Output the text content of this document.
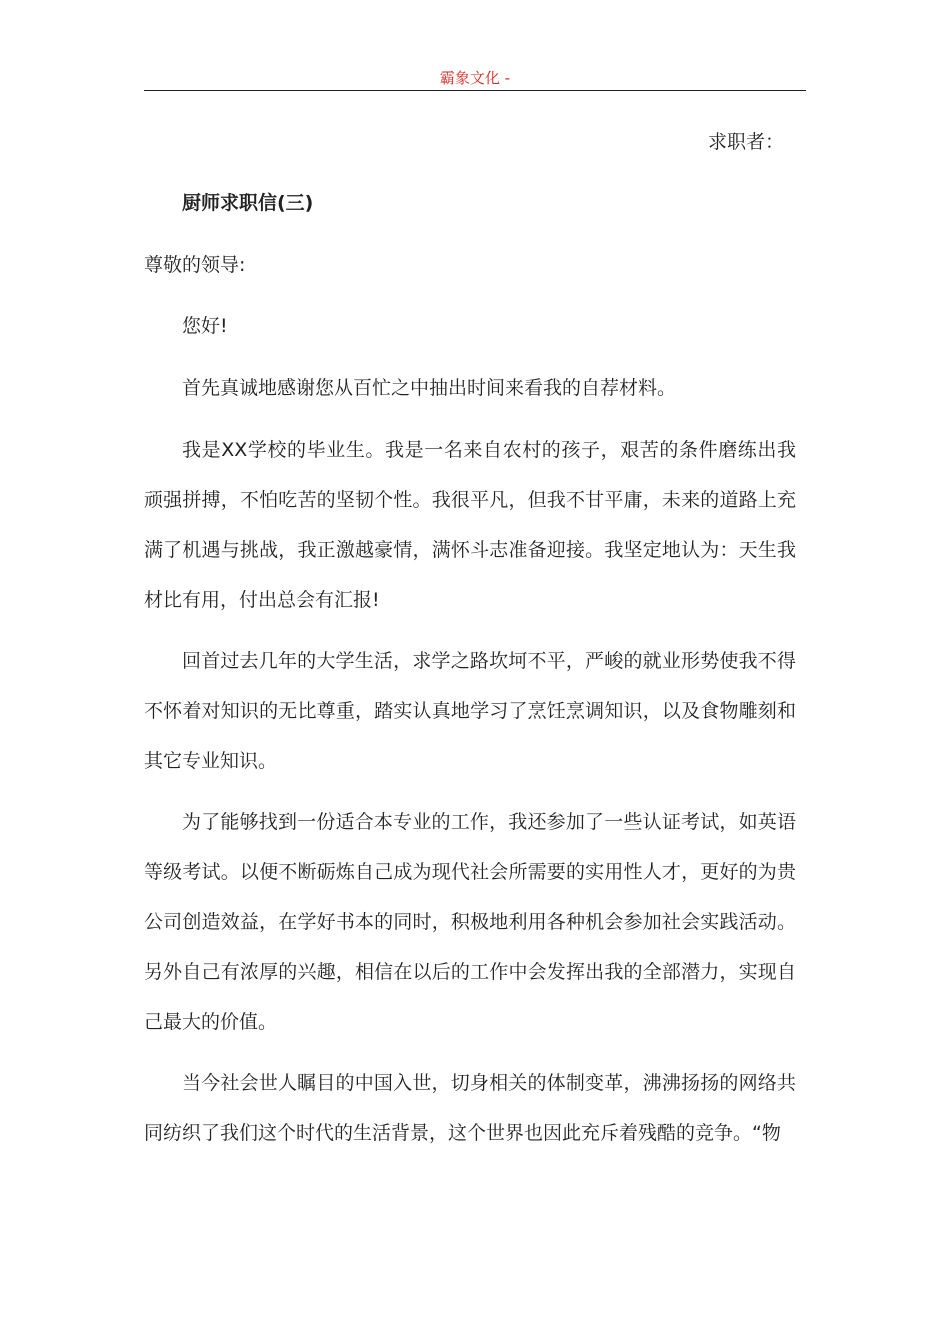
霸象文化 -
求职者：
厨师求职信(三)
尊敬的领导:
您好!
首先真诚地感谢您从百忙之中抽出时间来看我的自荐材料。
我是XX学校的毕业生。我是一名来自农村的孩子，艰苦的条件磨练出我顽强拼搏，不怕吃苦的坚韧个性。我很平凡，但我不甘平庸，未来的道路上充满了机遇与挑战，我正激越豪情，满怀斗志准备迎接。我坚定地认为：天生我材比有用，付出总会有汇报!
回首过去几年的大学生活，求学之路坎坷不平，严峻的就业形势使我不得不怀着对知识的无比尊重，踏实认真地学习了烹饪烹调知识，以及食物雕刻和其它专业知识。
为了能够找到一份适合本专业的工作，我还参加了一些认证考试，如英语等级考试。以便不断砺炼自己成为现代社会所需要的实用性人才，更好的为贵公司创造效益，在学好书本的同时，积极地利用各种机会参加社会实践活动。另外自己有浓厚的兴趣，相信在以后的工作中会发挥出我的全部潜力，实现自己最大的价值。
当今社会世人瞩目的中国入世，切身相关的体制变革，沸沸扬扬的网络共同纺织了我们这个时代的生活背景，这个世界也因此充斥着残酷的竞争。“物
